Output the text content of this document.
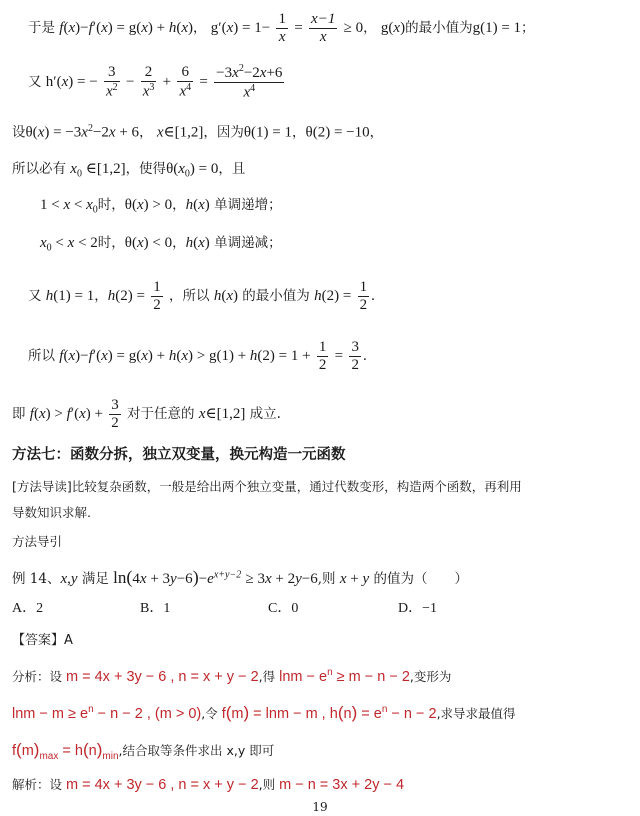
于是 f(x)−f′(x) = g(x) + h(x)， $g'(x) = 1- \frac{1}{x} = \frac{x-1}{x} \ge 0$， g(x)的最小值为g(1) = 1；
又 h′(x) = − $\frac{3}{x^2} - \frac{2}{x^3} + \frac{6}{x^4} = \frac{-3x^2-2x+6}{x^4}$
设$\theta(x) = -3x^2-2x + 6$， x∈[1,2]，因为θ(1) = 1，θ(2) = −10，
所以必有 $x_0$ ∈[1,2]，使得$\theta(x_0) = 0$，且
$1 < x < x_0$时，θ(x) > 0，h(x) 单调递增；
$x_0 < x < 2$时，θ(x) < 0，h(x) 单调递减；
又 h(1) = 1，$h(2) = \frac{1}{2}$ ，所以 h(x) 的最小值为 $h(2) = \frac{1}{2}$ .
所以 $f(x)-f'(x) = g(x) + h(x) > g(1) + h(2) = 1 + \frac{1}{2} = \frac{3}{2}$ .
即 $f(x) > f'(x) + \frac{3}{2}$ 对于任意的 x∈[1,2] 成立.
方法七：函数分拆，独立双变量，换元构造一元函数
[方法导读]比较复杂函数，一般是给出两个独立变量，通过代数变形，构造两个函数，再利用
导数知识求解.
方法导引
例 14、x,y 满足 $\ln(4x + 3y-6)-e^{x+y-2} \ge 3x + 2y-6$,则 x + y 的值为（　　）
A．2	B．1	C．0	D．−1
【答案】A
分析：设 m = 4x + 3y − 6 , n = x + y − 2,得 $\ln m - e^n \ge m - n - 2$,变形为
$\ln m - m \ge e^n - n - 2$ , (m > 0),令 f(m) = lnm − m , $h(n) = e^n - n - 2$,求导求最值得
$f(m)_{max} = h(n)_{min}$,结合取等条件求出 x,y 即可
解析：设 m = 4x + 3y − 6 , n = x + y − 2,则 m − n = 3x + 2y − 4
19
